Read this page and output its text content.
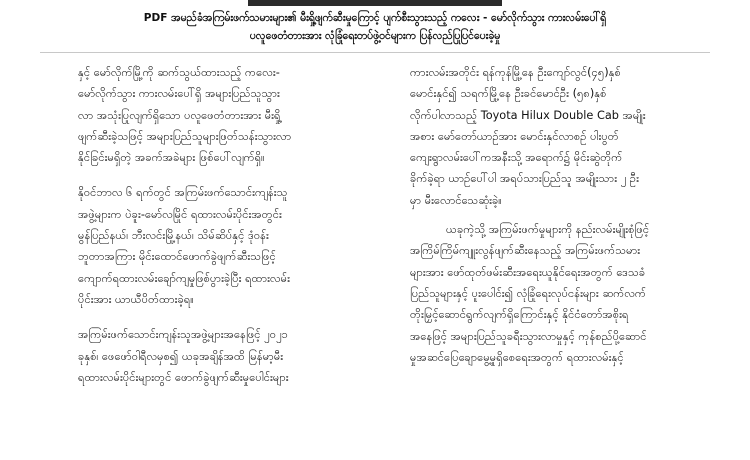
PDF အမည်ခံအကြမ်းဖက်သမားများ၏ မီးရှို့ဖျက်ဆီးမှုကြောင့် ပျက်စီးသွားသည့် ကလေး - မော်လိုက်သွား ကားလမ်းပေါ်ရှိ
ပလူဖေတံတားအား လုံခြုံရေးတပ်ဖွဲ့ဝင်များက ပြန်လည်ပြုပြင်ပေးခဲ့မှု

နှင့် မော်လိုက်မြို့ကို ဆက်သွယ်ထားသည့် ကလေး-
မော်လိုက်သွား ကားလမ်းပေါ်ရှိ အများပြည်သူသွား
လာ အသုံးပြုလျက်ရှိသော ပလူဖေတံတားအား မီးရှို့
ဖျက်ဆီးခဲ့သဖြင့် အများပြည်သူများဖြတ်သန်းသွားလာ
နိုင်ခြင်းမရှိတဲ့ အခက်အခဲများ ဖြစ်ပေါ်လျက်ရှိ။

နိုဝင်ဘာလ ၆ ရက်တွင် အကြမ်းဖက်သောင်းကျန်းသူ
အဖွဲ့များက ပဲခူး-မော်လမြိုင် ရထားလမ်းပိုင်းအတွင်း
မွန်ပြည်နယ်၊ ဘီးလင်းမြို့နယ်၊ သိမ်ဆိပ်နှင့် ဒုံဝန်း
ဘူတာအကြား မိုင်းထောင်ဖောက်ခွဲဖျက်ဆီးသဖြင့်
ကျောက်ရထားလမ်းချော်ကျမှုဖြစ်ပွားခဲ့ပြီး ရထားလမ်း
ပိုင်းအား ယာယီပိတ်ထားခဲ့ရ။
အကြမ်းဖက်သောင်းကျန်းသူအဖွဲ့များအနေဖြင့် ၂၀၂၁
ခုနှစ်၊ ဖေဖော်ဝါရီလမှစ၍ ယခုအချိန်အထိ မြန်မာ့မီး
ရထားလမ်းပိုင်းများတွင် ဖောက်ခွဲဖျက်ဆီးမှုပေါင်းများ

ကားလမ်းအတိုင်း ရန်ကုန်မြို့နေ ဦးကျော်လွင်(၄၅)နှစ်
မောင်းနှင်၍ သရက်မြို့နေ ဦးခင်မောင်ဦး (၅၈)နှစ်
လိုက်ပါလာသည့် Toyota Hilux Double Cab အမျိုး
အစား မော်တော်ယာဉ်အား မောင်းနှင်လာစဉ် ပါးပွတ်
ကျေးရွာလမ်းပေါ်ကအနီးသို့ အရောက်၌ မိုင်းဆွဲတိုက်
ခိုက်ခဲ့ရာ ယာဉ်ပေါ်ပါ အရပ်သားပြည်သူ အမျိုးသား ၂ ဦး
မှာ မီးလောင်သေဆုံးခဲ့။

ယခုကဲ့သို့ အကြမ်းဖက်မှုများကို နည်းလမ်းမျိုးစုံဖြင့်
အကြိမ်ကြိမ်ကျူးလွန်ဖျက်ဆီးနေသည့် အကြမ်းဖက်သမား
များအား ဖော်ထုတ်ဖမ်းဆီးအရေးယူနိုင်ရေးအတွက် ဒေသခံ
ပြည်သူများနှင့် ပူးပေါင်း၍ လုံခြုံရေးလုပ်ငန်းများ ဆက်လက်
တိုးမြှင့်ဆောင်ရွက်လျက်ရှိကြောင်းနှင့် နိုင်ငံတော်အစိုးရ
အနေဖြင့် အများပြည်သူခရီးသွားလာမှုနှင့် ကုန်စည်ပို့ဆောင်
မှုအဆင်ပြေချောမွေ့မှုရှိစေရေးအတွက် ရထားလမ်းနှင့်
